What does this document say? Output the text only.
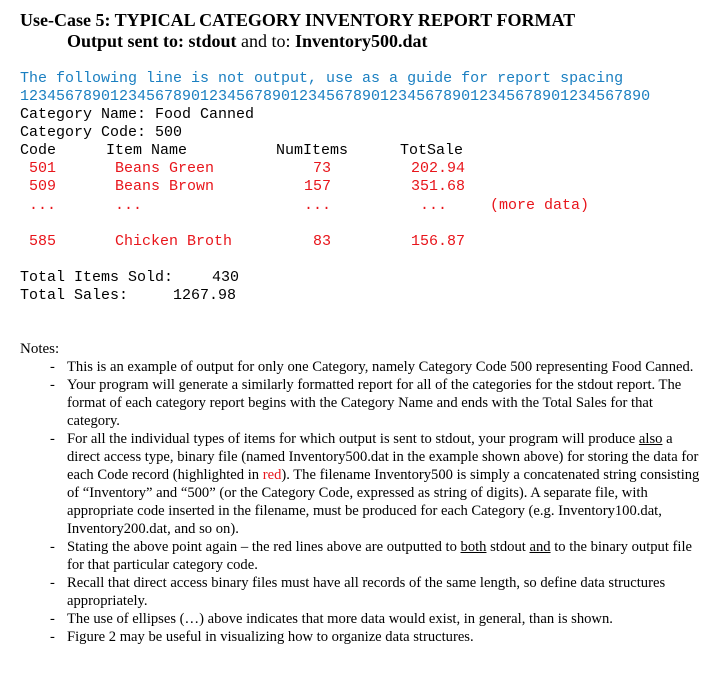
Use-Case 5: TYPICAL CATEGORY INVENTORY REPORT FORMAT
Output sent to: stdout and to: Inventory500.dat
The following line is not output, use as a guide for report spacing
1234567890123456789012345678901234567890123456789012345678901234567890
Category Name: Food Canned
Category Code: 500
Code	Item Name	NumItems	TotSale
501	Beans Green	73	202.94
509	Beans Brown	157	351.68
...	...	...	...	(more data)
585	Chicken Broth	83	156.87
Total Items Sold:	430
Total Sales:	1267.98
Notes:
- This is an example of output for only one Category, namely Category Code 500 representing Food Canned.
- Your program will generate a similarly formatted report for all of the categories for the stdout report. The format of each category report begins with the Category Name and ends with the Total Sales for that category.
- For all the individual types of items for which output is sent to stdout, your program will produce also a direct access type, binary file (named Inventory500.dat in the example shown above) for storing the data for each Code record (highlighted in red). The filename Inventory500 is simply a concatenated string consisting of “Inventory” and “500” (or the Category Code, expressed as string of digits). A separate file, with appropriate code inserted in the filename, must be produced for each Category (e.g. Inventory100.dat, Inventory200.dat, and so on).
- Stating the above point again – the red lines above are outputted to both stdout and to the binary output file for that particular category code.
- Recall that direct access binary files must have all records of the same length, so define data structures appropriately.
- The use of ellipses (…) above indicates that more data would exist, in general, than is shown.
- Figure 2 may be useful in visualizing how to organize data structures.
